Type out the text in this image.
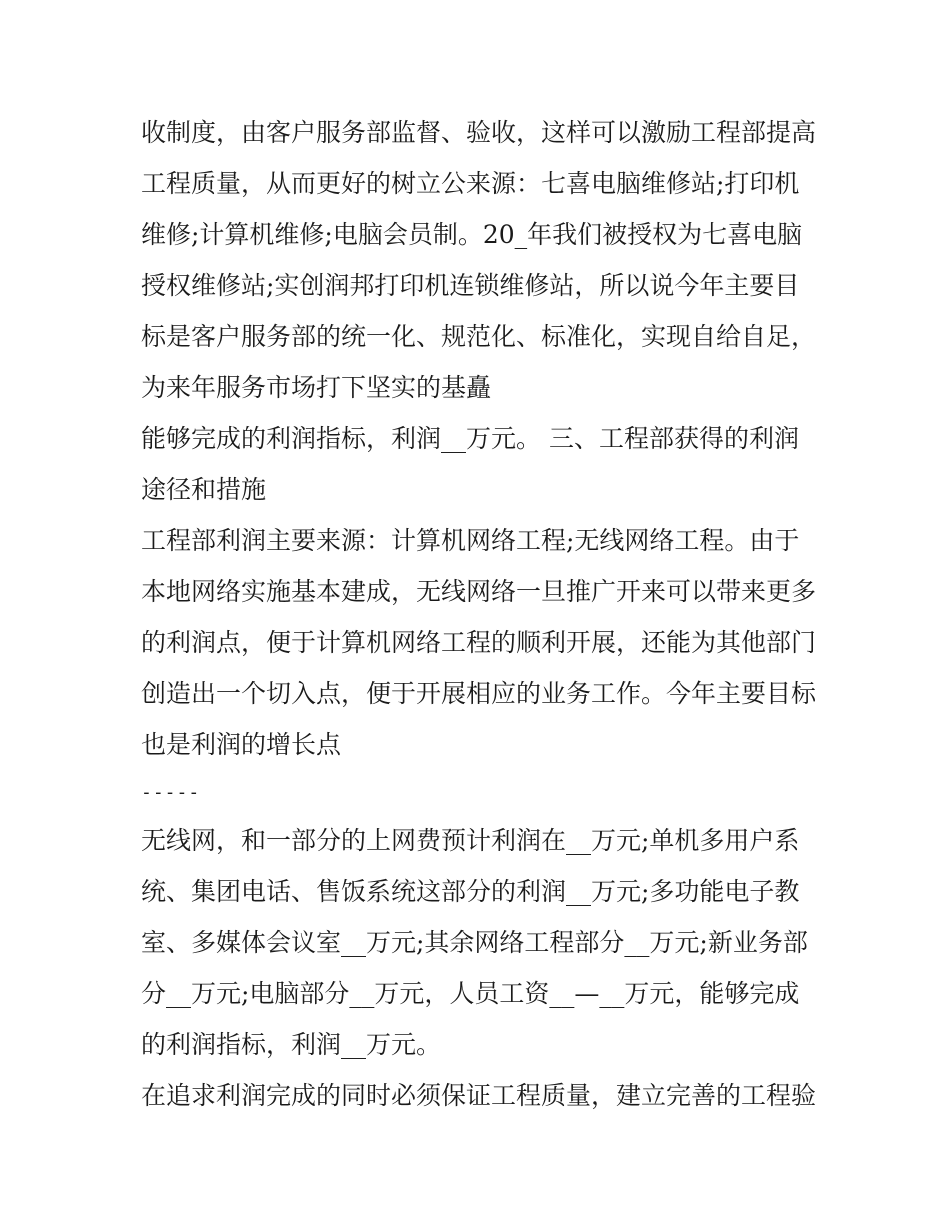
收制度，由客户服务部监督、验收，这样可以激励工程部提高
工程质量，从而更好的树立公来源：七喜电脑维修站;打印机
维修;计算机维修;电脑会员制。20_年我们被授权为七喜电脑
授权维修站;实创润邦打印机连锁维修站，所以说今年主要目
标是客户服务部的统一化、规范化、标准化，实现自给自足，
为来年服务市场打下坚实的基矗
能够完成的利润指标，利润__万元。 三、工程部获得的利润
途径和措施
工程部利润主要来源：计算机网络工程;无线网络工程。由于
本地网络实施基本建成，无线网络一旦推广开来可以带来更多
的利润点，便于计算机网络工程的顺利开展，还能为其他部门
创造出一个切入点，便于开展相应的业务工作。今年主要目标
也是利润的增长点
-----
无线网，和一部分的上网费预计利润在__万元;单机多用户系
统、集团电话、售饭系统这部分的利润__万元;多功能电子教
室、多媒体会议室__万元;其余网络工程部分__万元;新业务部
分__万元;电脑部分__万元，人员工资__—__万元，能够完成
的利润指标，利润__万元。
在追求利润完成的同时必须保证工程质量，建立完善的工程验
